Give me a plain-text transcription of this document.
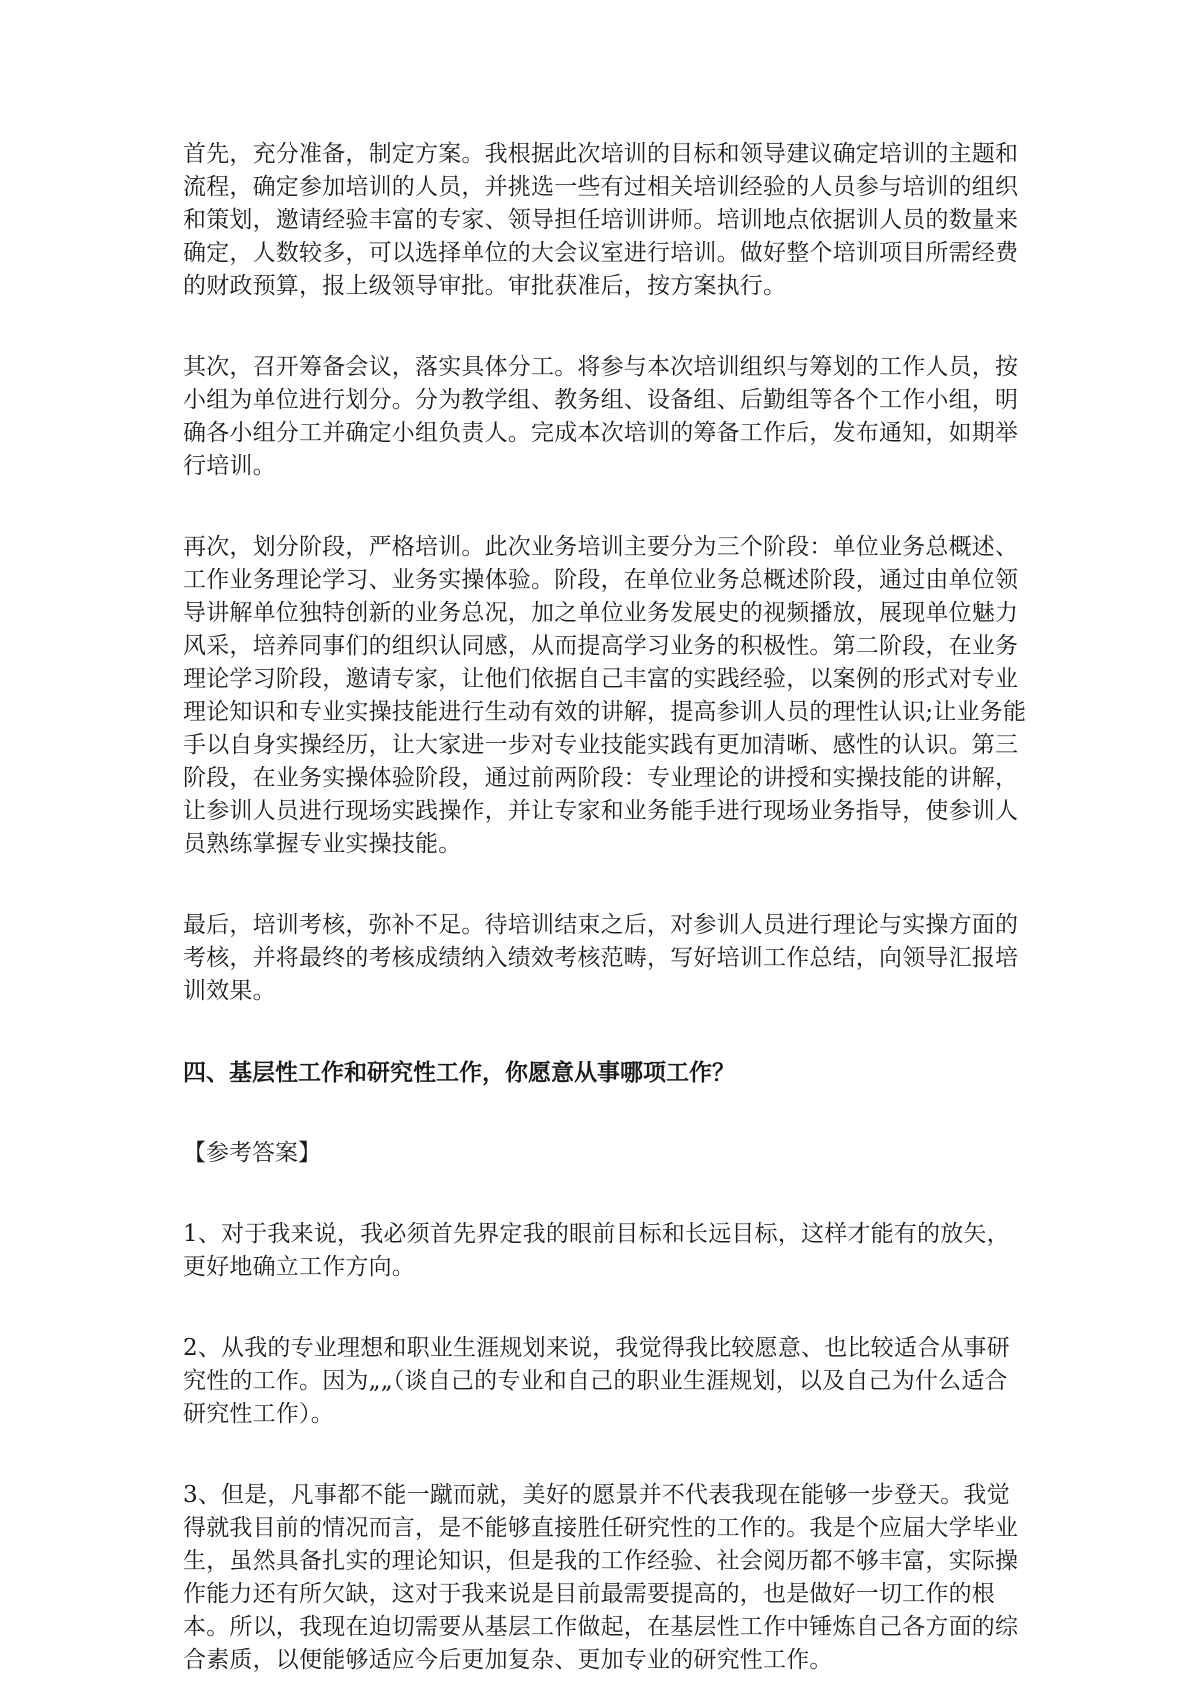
首先，充分准备，制定方案。我根据此次培训的目标和领导建议确定培训的主题和流程，确定参加培训的人员，并挑选一些有过相关培训经验的人员参与培训的组织和策划，邀请经验丰富的专家、领导担任培训讲师。培训地点依据训人员的数量来确定，人数较多，可以选择单位的大会议室进行培训。做好整个培训项目所需经费的财政预算，报上级领导审批。审批获准后，按方案执行。

其次，召开筹备会议，落实具体分工。将参与本次培训组织与筹划的工作人员，按小组为单位进行划分。分为教学组、教务组、设备组、后勤组等各个工作小组，明确各小组分工并确定小组负责人。完成本次培训的筹备工作后，发布通知，如期举行培训。

再次，划分阶段，严格培训。此次业务培训主要分为三个阶段：单位业务总概述、工作业务理论学习、业务实操体验。阶段，在单位业务总概述阶段，通过由单位领导讲解单位独特创新的业务总况，加之单位业务发展史的视频播放，展现单位魅力风采，培养同事们的组织认同感，从而提高学习业务的积极性。第二阶段，在业务理论学习阶段，邀请专家，让他们依据自己丰富的实践经验，以案例的形式对专业理论知识和专业实操技能进行生动有效的讲解，提高参训人员的理性认识;让业务能手以自身实操经历，让大家进一步对专业技能实践有更加清晰、感性的认识。第三阶段，在业务实操体验阶段，通过前两阶段：专业理论的讲授和实操技能的讲解，让参训人员进行现场实践操作，并让专家和业务能手进行现场业务指导，使参训人员熟练掌握专业实操技能。

最后，培训考核，弥补不足。待培训结束之后，对参训人员进行理论与实操方面的考核，并将最终的考核成绩纳入绩效考核范畴，写好培训工作总结，向领导汇报培训效果。

四、基层性工作和研究性工作，你愿意从事哪项工作？

【参考答案】

1、对于我来说，我必须首先界定我的眼前目标和长远目标，这样才能有的放矢，更好地确立工作方向。

2、从我的专业理想和职业生涯规划来说，我觉得我比较愿意、也比较适合从事研究性的工作。因为„„（谈自己的专业和自己的职业生涯规划，以及自己为什么适合研究性工作）。

3、但是，凡事都不能一蹴而就，美好的愿景并不代表我现在能够一步登天。我觉得就我目前的情况而言，是不能够直接胜任研究性的工作的。我是个应届大学毕业生，虽然具备扎实的理论知识，但是我的工作经验、社会阅历都不够丰富，实际操作能力还有所欠缺，这对于我来说是目前最需要提高的，也是做好一切工作的根本。所以，我现在迫切需要从基层工作做起，在基层性工作中锤炼自己各方面的综合素质，以便能够适应今后更加复杂、更加专业的研究性工作。
